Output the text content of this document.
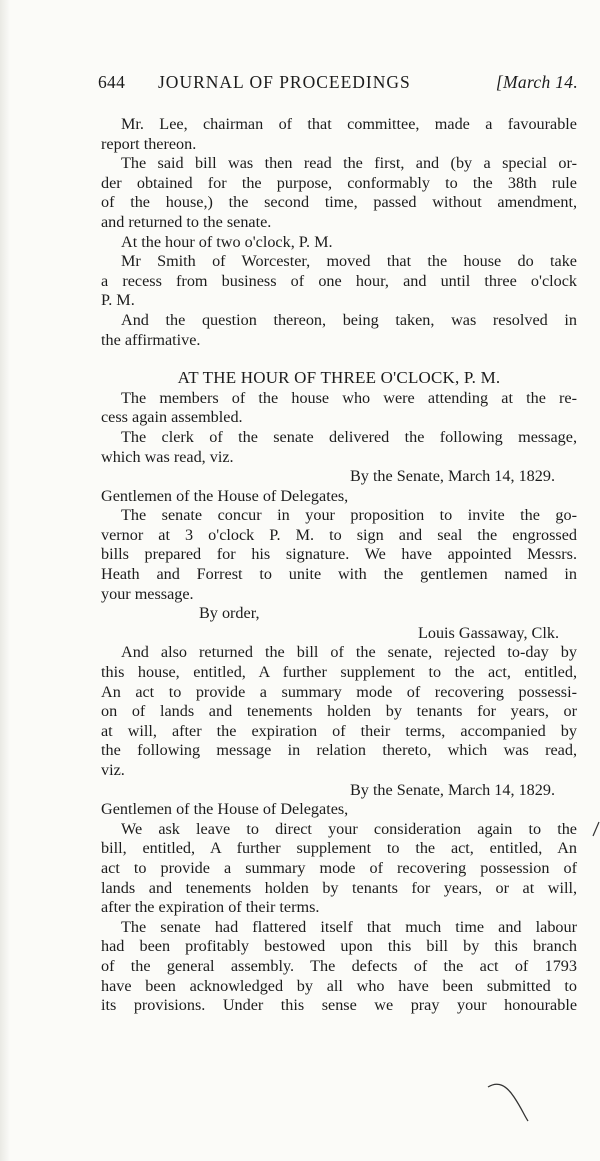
644 JOURNAL OF PROCEEDINGS	[March 14.
Mr. Lee, chairman of that committee, made a favourable
report thereon.
The said bill was then read the first, and (by a special or-
der obtained for the purpose, conformably to the 38th rule
of the house,) the second time, passed without amendment,
and returned to the senate.
At the hour of two o'clock, P. M.
Mr Smith of Worcester, moved that the house do take
a recess from business of one hour, and until three o'clock
P. M.
And the question thereon, being taken, was resolved in
the affirmative.
AT THE HOUR OF THREE O'CLOCK, P. M.
The members of the house who were attending at the re-
cess again assembled.
The clerk of the senate delivered the following message,
which was read, viz.
By the Senate, March 14, 1829.
Gentlemen of the House of Delegates,
The senate concur in your proposition to invite the go-
vernor at 3 o'clock P. M. to sign and seal the engrossed
bills prepared for his signature. We have appointed Messrs.
Heath and Forrest to unite with the gentlemen named in
your message.
By order,
Louis Gassaway, Clk.
And also returned the bill of the senate, rejected to-day by
this house, entitled, A further supplement to the act, entitled,
An act to provide a summary mode of recovering possessi-
on of lands and tenements holden by tenants for years, or
at will, after the expiration of their terms, accompanied by
the following message in relation thereto, which was read,
viz.
By the Senate, March 14, 1829.
Gentlemen of the House of Delegates,
We ask leave to direct your consideration again to the
bill, entitled, A further supplement to the act, entitled, An
act to provide a summary mode of recovering possession of
lands and tenements holden by tenants for years, or at will,
after the expiration of their terms.
The senate had flattered itself that much time and labour
had been profitably bestowed upon this bill by this branch
of the general assembly. The defects of the act of 1793
have been acknowledged by all who have been submitted to
its provisions. Under this sense we pray your honourable
